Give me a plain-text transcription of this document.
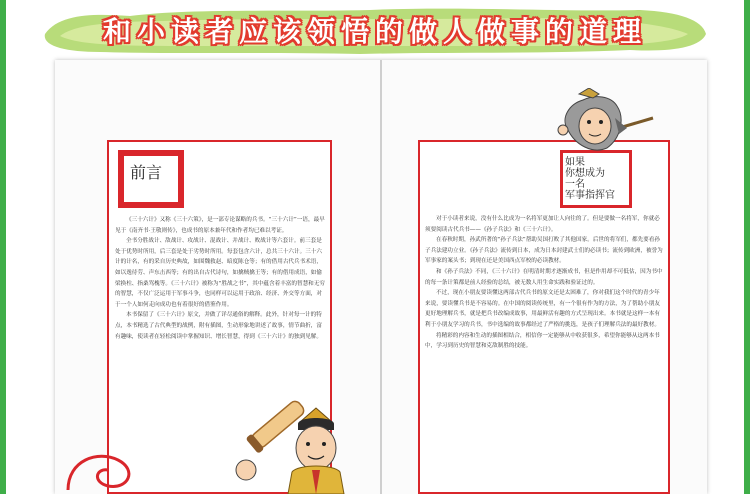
和小读者应该领悟的做人做事的道理
前言
如果
你想成为
一名
军事指挥官

《三十六计》又称《三十六策》，是一部专论谋略的兵书。“三十六计”一语，最早见于《南齐书·王敬则传》，也成书的原本兼年代和作者均已难以考证。

全书分胜战计、敌战计、攻战计、混战计、并战计、败战计等六套计。前三套是处于优势时所用，后三套是处于劣势时所用。每套包含六计，总共三十六计。三十六计的计名，有的采自历史典故，如围魏救赵、暗度陈仓等；有的借用古代兵书术语，如以逸待劳、声东击西等；有的出自古代诗句，如擒贼擒王等；有的借用成语，如偷梁换柱、指桑骂槐等。《三十六计》被称为“胜战之书”，其中蕴含着丰富的智慧和无穷的智慧，不仅广泛运用于军事斗争，也同样可以运用于政治、经济、外交等方面，对于一个人如何走向成功也有着很好的借鉴作用。

本书保留了《三十六计》原文，并做了详尽通俗的解释。此外，针对每一计的特点，本书精选了古代典型的战例，附有插图，生动形象地讲述了故事，情节曲折，富有趣味，使读者在轻松阅读中掌握知识、增长智慧，得到《三十六计》的独到见解。

对于小读者来说，没有什么比成为一名将军更加让人向往的了。但是要做一名将军，你就必须要阅读古代兵书——《孙子兵法》和《三十六计》。

在春秋时期，孙武所著的“孙子兵法”帮助吴国打败了其他国家。后世的将军们，都先要看孙子兵法建功立业。《孙子兵法》流传到日本，成为日本封建武士们的必读书；流传到欧洲，被誉为军事家的案头书；到现在还是美国西点军校的必读教材。

和《孙子兵法》不同，《三十六计》在明清时期才逐渐成书，但是作用却不可低估，因为书中的每一条计策都是前人经验的总结，被无数人用生命实践和验证过的。

不过，现在小朋友要读懂这两部古代兵书的原文还是太困难了，你对我们这个时代的青少年来说，要读懂兵书是不容易的。在中国的阅读传统里，有一个很有作为的方法，为了帮助小朋友更好地理解兵书，就是把兵书改编成故事，用最鲜活有趣的方式呈现出来。本书就是这样一本有利于小朋友学习的兵书，书中选编的故事都经过了严格的挑选，是孩子们理解兵法的最好教材。

将精彩的内容和生动的插图相结合，相信你一定能够从中收获很多，希望你能够从这两本书中，学习到历史的智慧和克敌制胜的技能。
